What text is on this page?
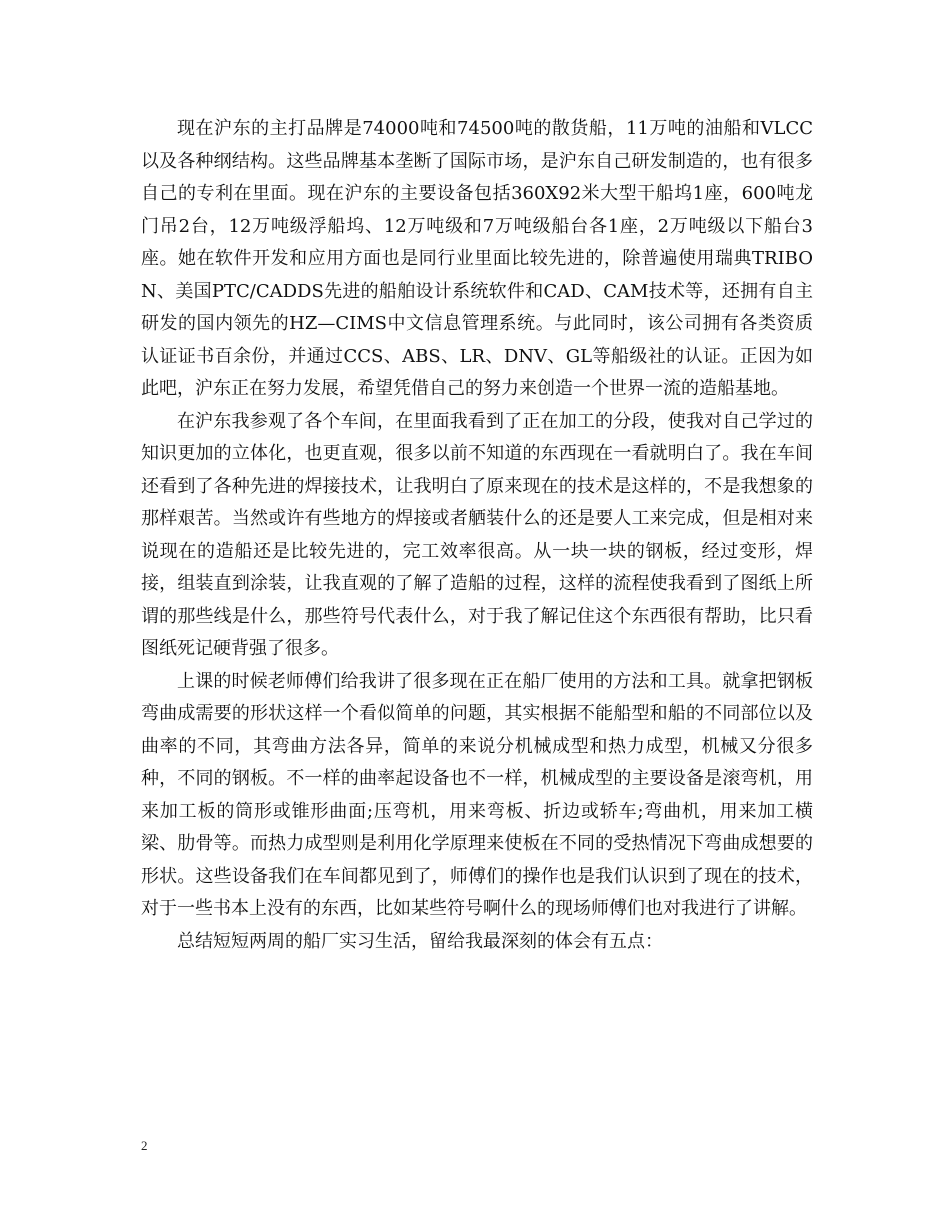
现在沪东的主打品牌是74000吨和74500吨的散货船，11万吨的油船和VLCC以及各种纲结构。这些品牌基本垄断了国际市场，是沪东自己研发制造的，也有很多自己的专利在里面。现在沪东的主要设备包括360X92米大型干船坞1座，600吨龙门吊2台，12万吨级浮船坞、12万吨级和7万吨级船台各1座，2万吨级以下船台3座。她在软件开发和应用方面也是同行业里面比较先进的，除普遍使用瑞典TRIBON、美国PTC/CADDS先进的船舶设计系统软件和CAD、CAM技术等，还拥有自主研发的国内领先的HZ—CIMS中文信息管理系统。与此同时，该公司拥有各类资质认证证书百余份，并通过CCS、ABS、LR、DNV、GL等船级社的认证。正因为如此吧，沪东正在努力发展，希望凭借自己的努力来创造一个世界一流的造船基地。

在沪东我参观了各个车间，在里面我看到了正在加工的分段，使我对自己学过的知识更加的立体化，也更直观，很多以前不知道的东西现在一看就明白了。我在车间还看到了各种先进的焊接技术，让我明白了原来现在的技术是这样的，不是我想象的那样艰苦。当然或许有些地方的焊接或者舾装什么的还是要人工来完成，但是相对来说现在的造船还是比较先进的，完工效率很高。从一块一块的钢板，经过变形，焊接，组装直到涂装，让我直观的了解了造船的过程，这样的流程使我看到了图纸上所谓的那些线是什么，那些符号代表什么，对于我了解记住这个东西很有帮助，比只看图纸死记硬背强了很多。

上课的时候老师傅们给我讲了很多现在正在船厂使用的方法和工具。就拿把钢板弯曲成需要的形状这样一个看似简单的问题，其实根据不能船型和船的不同部位以及曲率的不同，其弯曲方法各异，简单的来说分机械成型和热力成型，机械又分很多种，不同的钢板。不一样的曲率起设备也不一样，机械成型的主要设备是滚弯机，用来加工板的筒形或锥形曲面;压弯机，用来弯板、折边或轿车;弯曲机，用来加工横梁、肋骨等。而热力成型则是利用化学原理来使板在不同的受热情况下弯曲成想要的形状。这些设备我们在车间都见到了，师傅们的操作也是我们认识到了现在的技术，对于一些书本上没有的东西，比如某些符号啊什么的现场师傅们也对我进行了讲解。

总结短短两周的船厂实习生活，留给我最深刻的体会有五点：

2
